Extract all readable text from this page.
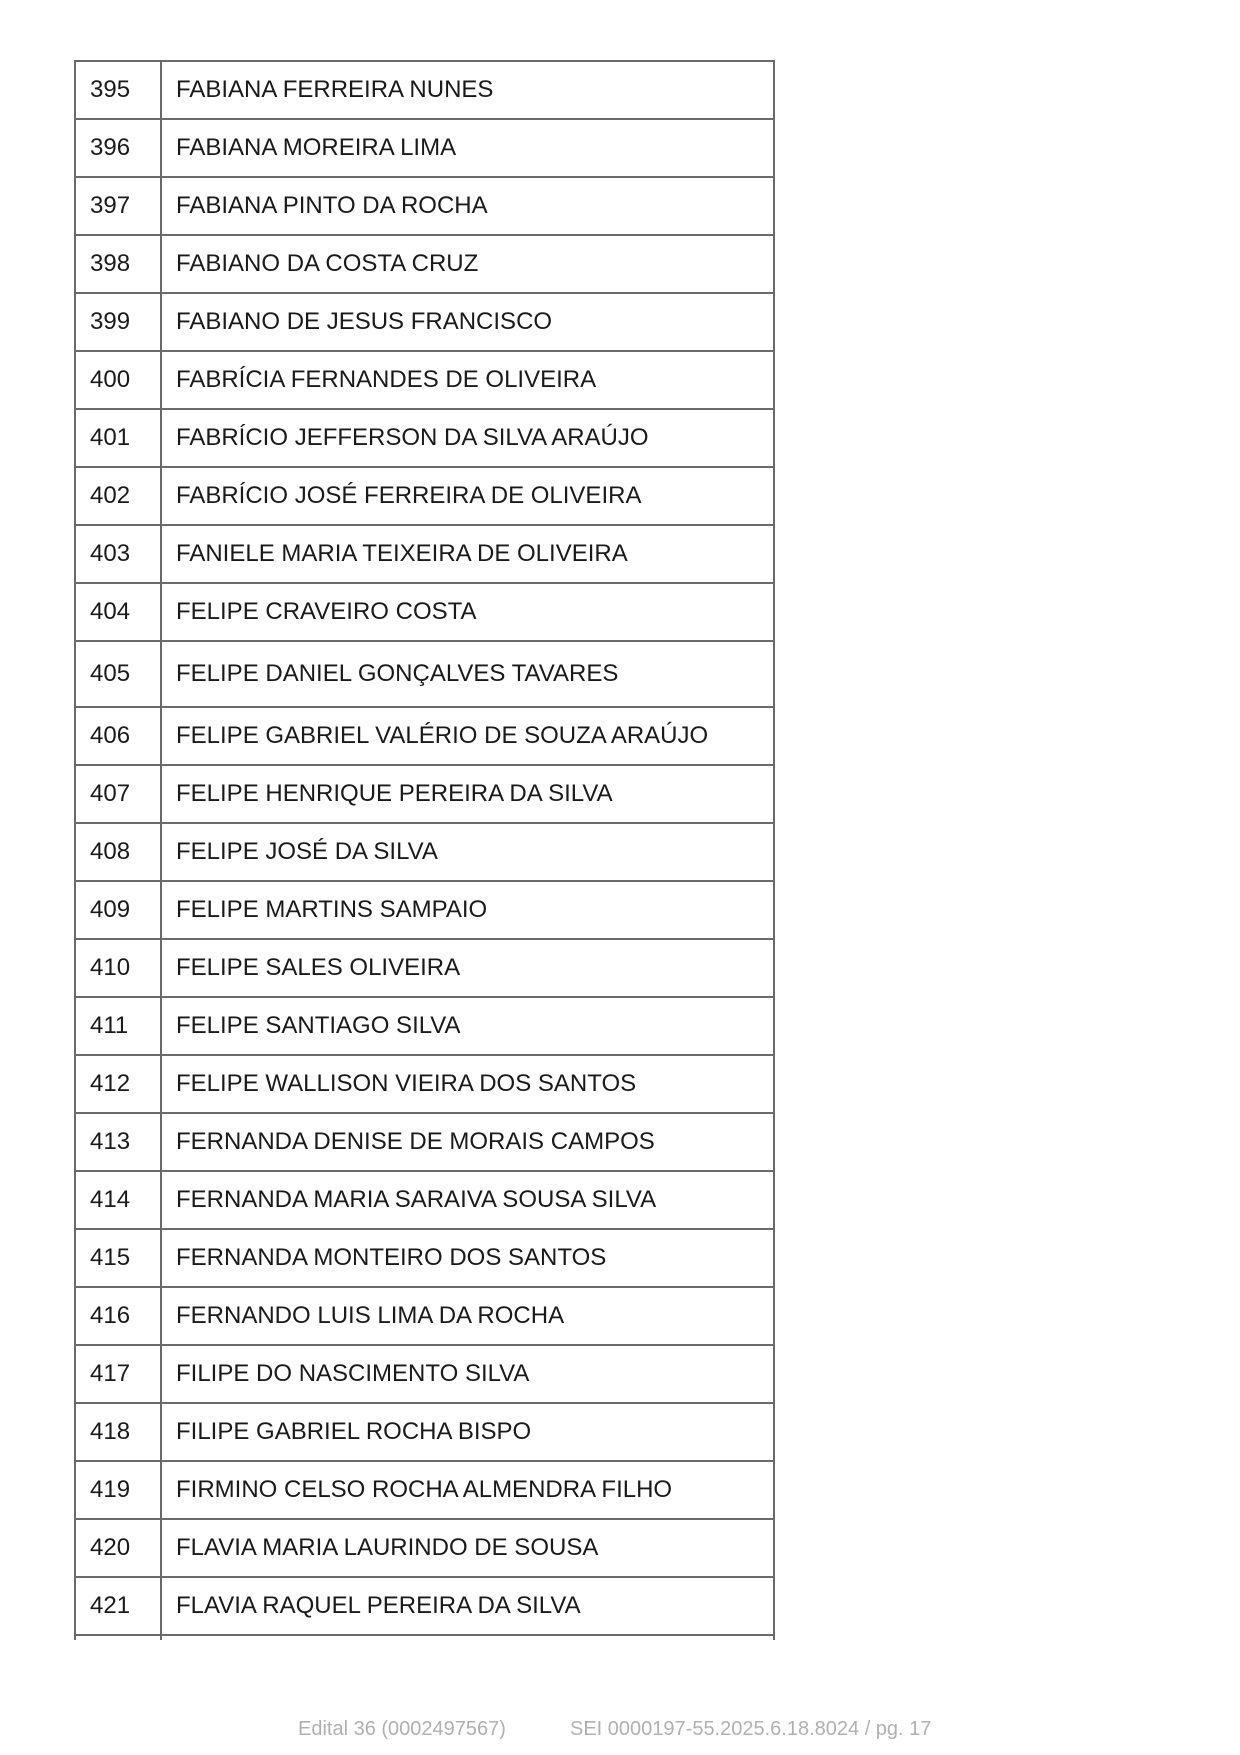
395	FABIANA FERREIRA NUNES
396	FABIANA MOREIRA LIMA
397	FABIANA PINTO DA ROCHA
398	FABIANO DA COSTA CRUZ
399	FABIANO DE JESUS FRANCISCO
400	FABRÍCIA FERNANDES DE OLIVEIRA
401	FABRÍCIO JEFFERSON DA SILVA ARAÚJO
402	FABRÍCIO JOSÉ FERREIRA DE OLIVEIRA
403	FANIELE MARIA TEIXEIRA DE OLIVEIRA
404	FELIPE CRAVEIRO COSTA
405	FELIPE DANIEL GONÇALVES TAVARES
406	FELIPE GABRIEL VALÉRIO DE SOUZA ARAÚJO
407	FELIPE HENRIQUE PEREIRA DA SILVA
408	FELIPE JOSÉ DA SILVA
409	FELIPE MARTINS SAMPAIO
410	FELIPE SALES OLIVEIRA
411	FELIPE SANTIAGO SILVA
412	FELIPE WALLISON VIEIRA DOS SANTOS
413	FERNANDA DENISE DE MORAIS CAMPOS
414	FERNANDA MARIA SARAIVA SOUSA SILVA
415	FERNANDA MONTEIRO DOS SANTOS
416	FERNANDO LUIS LIMA DA ROCHA
417	FILIPE DO NASCIMENTO SILVA
418	FILIPE GABRIEL ROCHA BISPO
419	FIRMINO CELSO ROCHA ALMENDRA FILHO
420	FLAVIA MARIA LAURINDO DE SOUSA
421	FLAVIA RAQUEL PEREIRA DA SILVA

Edital 36 (0002497567)	SEI 0000197-55.2025.6.18.8024 / pg. 17
